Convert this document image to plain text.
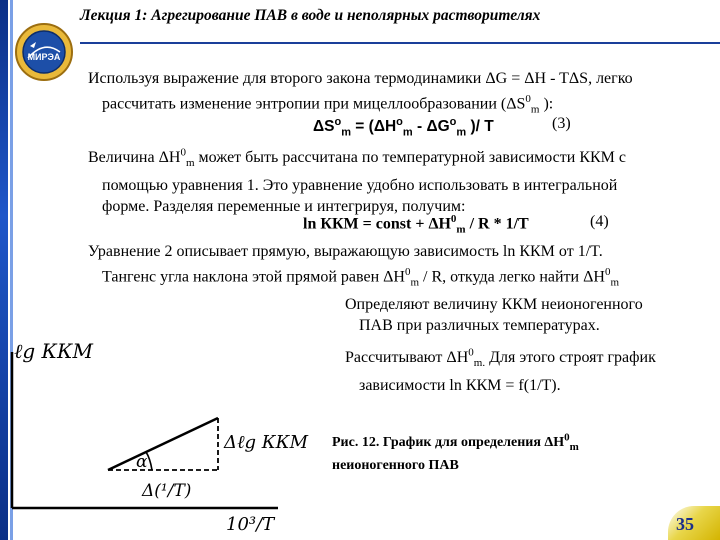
МИРЭА
Лекция 1: Агрегирование ПАВ в воде и неполярных растворителях
Используя выражение для второго закона термодинамики ΔG = ΔH - TΔS, легко
рассчитать изменение энтропии при мицеллообразовании ($\Delta S^0_m$ ):
$\Delta S^o_m = (\Delta H^o_m - \Delta G^o_m$ )/ T	(3)
Величина $\Delta H^0_m$ может быть рассчитана по температурной зависимости ККМ с
помощью уравнения 1. Это уравнение удобно использовать в интегральной
форме. Разделяя переменные и интегрируя, получим:
ln ККМ = const + $\Delta H^0_m$ / R * 1/T	(4)
Уравнение 2 описывает прямую, выражающую зависимость ln ККМ от 1/T.
Тангенс угла наклона этой прямой равен $\Delta H^0_m$ / R, откуда легко найти $\Delta H^0_m$
Определяют величину ККМ неионогенного
ПАВ при различных температурах.
Рассчитывают $\Delta H^0_{m.}$ Для этого строят график
зависимости ln ККМ = f(1/T).
ℓg ККМ
Δℓg ККМ
α
Δ(¹/T)
10³/T
Рис. 12. График для определения $\Delta H^0_m$
неионогенного ПАВ
35
